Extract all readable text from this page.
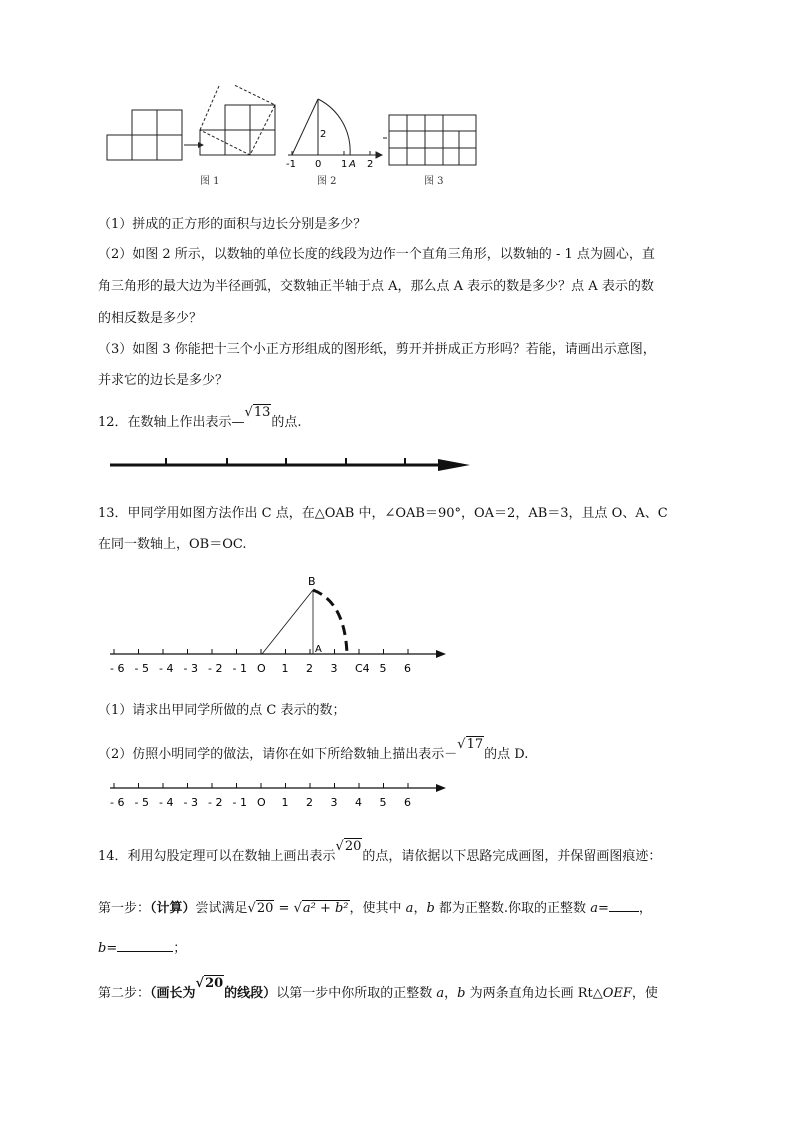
2
-1 0 1 A 2
图 1	图 2	图 3
（1）拼成的正方形的面积与边长分别是多少？
（2）如图 2 所示，以数轴的单位长度的线段为边作一个直角三角形，以数轴的 - 1 点为圆心，直
角三角形的最大边为半径画弧，交数轴正半轴于点 A，那么点 A 表示的数是多少？点 A 表示的数
的相反数是多少？
（3）如图 3 你能把十三个小正方形组成的图形纸，剪开并拼成正方形吗？若能，请画出示意图，
并求它的边长是多少？
12．在数轴上作出表示—√13的点.
13．甲同学用如图方法作出 C 点，在△OAB 中，∠OAB＝90°，OA＝2，AB＝3，且点 O、A、C
在同一数轴上，OB＝OC.
- 6 - 5 - 4 - 3 - 2 - 1 O 1 2 3 C4 5 6
B
A
（1）请求出甲同学所做的点 C 表示的数；
（2）仿照小明同学的做法，请你在如下所给数轴上描出表示－√17的点 D.
- 6 - 5 - 4 - 3 - 2 - 1 O 1 2 3 4 5 6
14．利用勾股定理可以在数轴上画出表示√20的点，请依据以下思路完成画图，并保留画图痕迹：
第一步：（计算）尝试满足√20 = √a² + b²，使其中 a，b 都为正整数.你取的正整数 a= ，
b=	；
第二步：（画长为√20的线段）以第一步中你所取的正整数 a，b 为两条直角边长画 Rt△OEF，使
